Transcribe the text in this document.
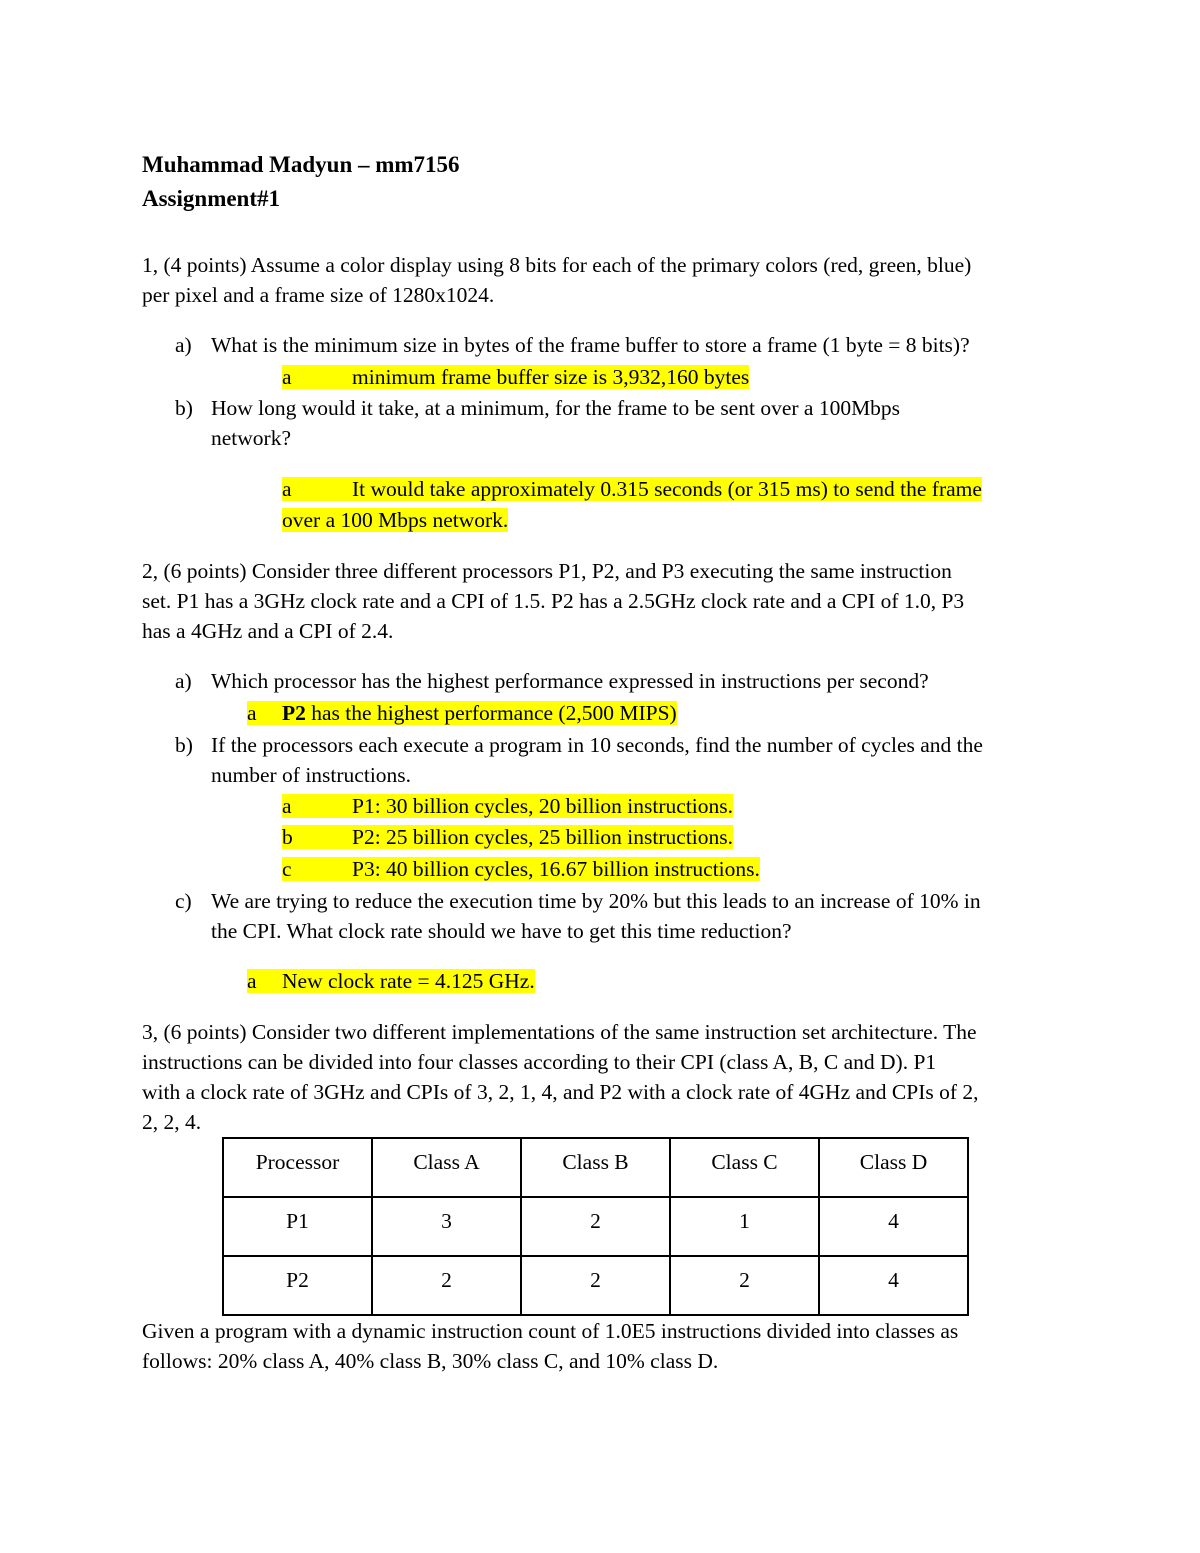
Muhammad Madyun – mm7156
Assignment#1
1, (4 points) Assume a color display using 8 bits for each of the primary colors (red, green, blue)
per pixel and a frame size of 1280x1024.
a) What is the minimum size in bytes of the frame buffer to store a frame (1 byte = 8 bits)?
a	minimum frame buffer size is 3,932,160 bytes
b) How long would it take, at a minimum, for the frame to be sent over a 100Mbps
network?
a	It would take approximately 0.315 seconds (or 315 ms) to send the frame
over a 100 Mbps network.
2, (6 points) Consider three different processors P1, P2, and P3 executing the same instruction
set. P1 has a 3GHz clock rate and a CPI of 1.5. P2 has a 2.5GHz clock rate and a CPI of 1.0, P3
has a 4GHz and a CPI of 2.4.
a) Which processor has the highest performance expressed in instructions per second?
a P2 has the highest performance (2,500 MIPS)
b) If the processors each execute a program in 10 seconds, find the number of cycles and the
number of instructions.
a	P1: 30 billion cycles, 20 billion instructions.
b	P2: 25 billion cycles, 25 billion instructions.
c	P3: 40 billion cycles, 16.67 billion instructions.
c) We are trying to reduce the execution time by 20% but this leads to an increase of 10% in
the CPI. What clock rate should we have to get this time reduction?
a New clock rate = 4.125 GHz.
3, (6 points) Consider two different implementations of the same instruction set architecture. The
instructions can be divided into four classes according to their CPI (class A, B, C and D). P1
with a clock rate of 3GHz and CPIs of 3, 2, 1, 4, and P2 with a clock rate of 4GHz and CPIs of 2,
2, 2, 4.
Processor	Class A	Class B	Class C	Class D
P1	3	2	1	4
P2	2	2	2	4
Given a program with a dynamic instruction count of 1.0E5 instructions divided into classes as
follows: 20% class A, 40% class B, 30% class C, and 10% class D.
